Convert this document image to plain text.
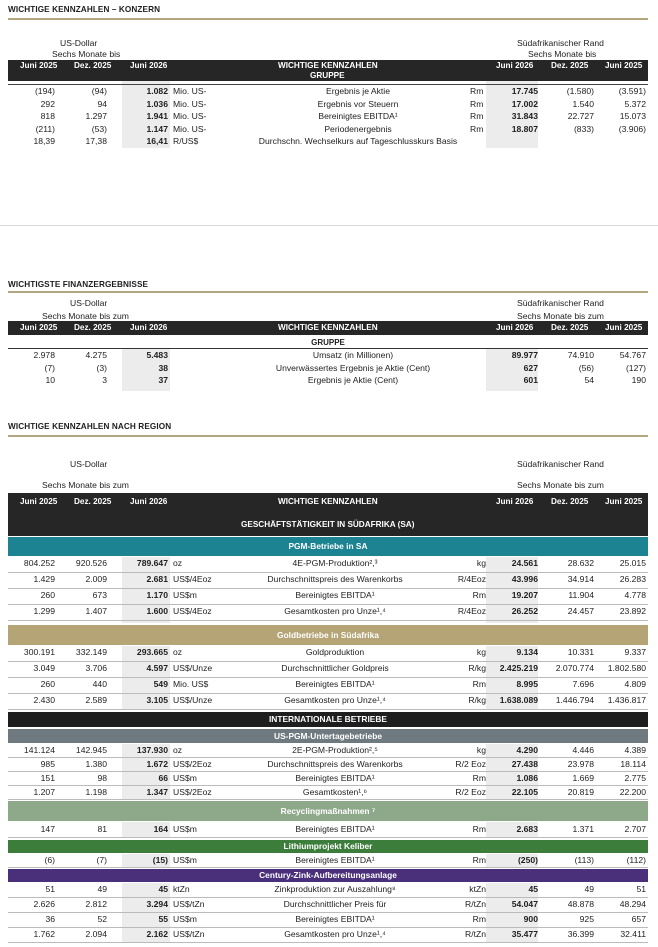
WICHTIGE KENNZAHLEN – KONZERN
US-Dollar	Südafrikanischer Rand
Sechs Monate bis	Sechs Monate bis
Juni 2025 Dez. 2025 Juni 2026	WICHTIGE KENNZAHLEN
GRUPPE
Juni 2026 Dez. 2025 Juni 2025
(194)	(94)	1.082 Mio. US-	Ergebnis je Aktie	Rm	17.745	(1.580)	(3.591)
292	94	1.036 Mio. US-	Ergebnis vor Steuern	Rm	17.002	1.540	5.372
818	1.297	1.941 Mio. US-	Bereinigtes EBITDA¹	Rm	31.843	22.727	15.073
(211)	(53)	1.147 Mio. US-	Periodenergebnis	Rm	18.807	(833)	(3.906)
18,39	17,38	16,41 R/US$	Durchschn. Wechselkurs auf Tageschlusskurs Basis
WICHTIGSTE FINANZERGEBNISSE
US-Dollar	Südafrikanischer Rand
Sechs Monate bis zum	Sechs Monate bis zum
Juni 2025 Dez. 2025 Juni 2026	WICHTIGE KENNZAHLEN	Juni 2026 Dez. 2025 Juni 2025
GRUPPE
2.978	4.275	5.483	Umsatz (in Millionen)	89.977	74.910	54.767
(7)	(3)	38	Unverwässertes Ergebnis je Aktie (Cent)	627	(56)	(127)
10	3	37	Ergebnis je Aktie (Cent)	601	54	190
WICHTIGE KENNZAHLEN NACH REGION
US-Dollar	Südafrikanischer Rand
Sechs Monate bis zum	Sechs Monate bis zum
Juni 2025 Dez. 2025 Juni 2026	WICHTIGE KENNZAHLEN
GESCHÄFTSTÄTIGKEIT IN SÜDAFRIKA (SA)
Juni 2026 Dez. 2025 Juni 2025
PGM-Betriebe in SA
804.252	920.526	789.647 oz	4E-PGM-Produktion²,³	kg	24.561	28.632	25.015
1.429	2.009	2.681 US$/4Eoz	Durchschnittspreis des Warenkorbs	R/4Eoz	43.996	34.914	26.283
260	673	1.170 US$m	Bereinigtes EBITDA¹	Rm	19.207	11.904	4.778
1.299	1.407	1.600 US$/4Eoz	Gesamtkosten pro Unze¹,⁴	R/4Eoz	26.252	24.457	23.892
Goldbetriebe in Südafrika
300.191	332.149	293.665 oz	Goldproduktion	kg	9.134	10.331	9.337
3.049	3.706	4.597 US$/Unze	Durchschnittlicher Goldpreis	R/kg	2.425.219	2.070.774	1.802.580
260	440	549 Mio. US$	Bereinigtes EBITDA¹	Rm	8.995	7.696	4.809
2.430	2.589	3.105 US$/Unze	Gesamtkosten pro Unze¹,⁴	R/kg	1.638.089	1.446.794	1.436.817
INTERNATIONALE BETRIEBE
US-PGM-Untertagebetriebe
141.124	142.945	137.930 oz	2E-PGM-Produktion²,⁵	kg	4.290	4.446	4.389
985	1.380	1.672 US$/2Eoz	Durchschnittspreis des Warenkorbs	R/2 Eoz	27.438	23.978	18.114
151	98	66 US$m	Bereinigtes EBITDA¹	Rm	1.086	1.669	2.775
1.207	1.198	1.347 US$/2Eoz	Gesamtkosten¹,⁶	R/2 Eoz	22.105	20.819	22.200
Recyclingmaßnahmen ⁷
147	81	164 US$m	Bereinigtes EBITDA¹	Rm	2.683	1.371	2.707
Lithiumprojekt Keliber
(6)	(7)	(15) US$m	Bereinigtes EBITDA¹	Rm	(250)	(113)	(112)
Century-Zink-Aufbereitungsanlage
51	49	45 ktZn	Zinkproduktion zur Auszahlung⁸	ktZn	45	49	51
2.626	2.812	3.294 US$/tZn	Durchschnittlicher Preis für	R/tZn	54.047	48.878	48.294
36	52	55 US$m	Bereinigtes EBITDA¹	Rm	900	925	657
1.762	2.094	2.162 US$/tZn	Gesamtkosten pro Unze¹,⁴	R/tZn	35.477	36.399	32.411
